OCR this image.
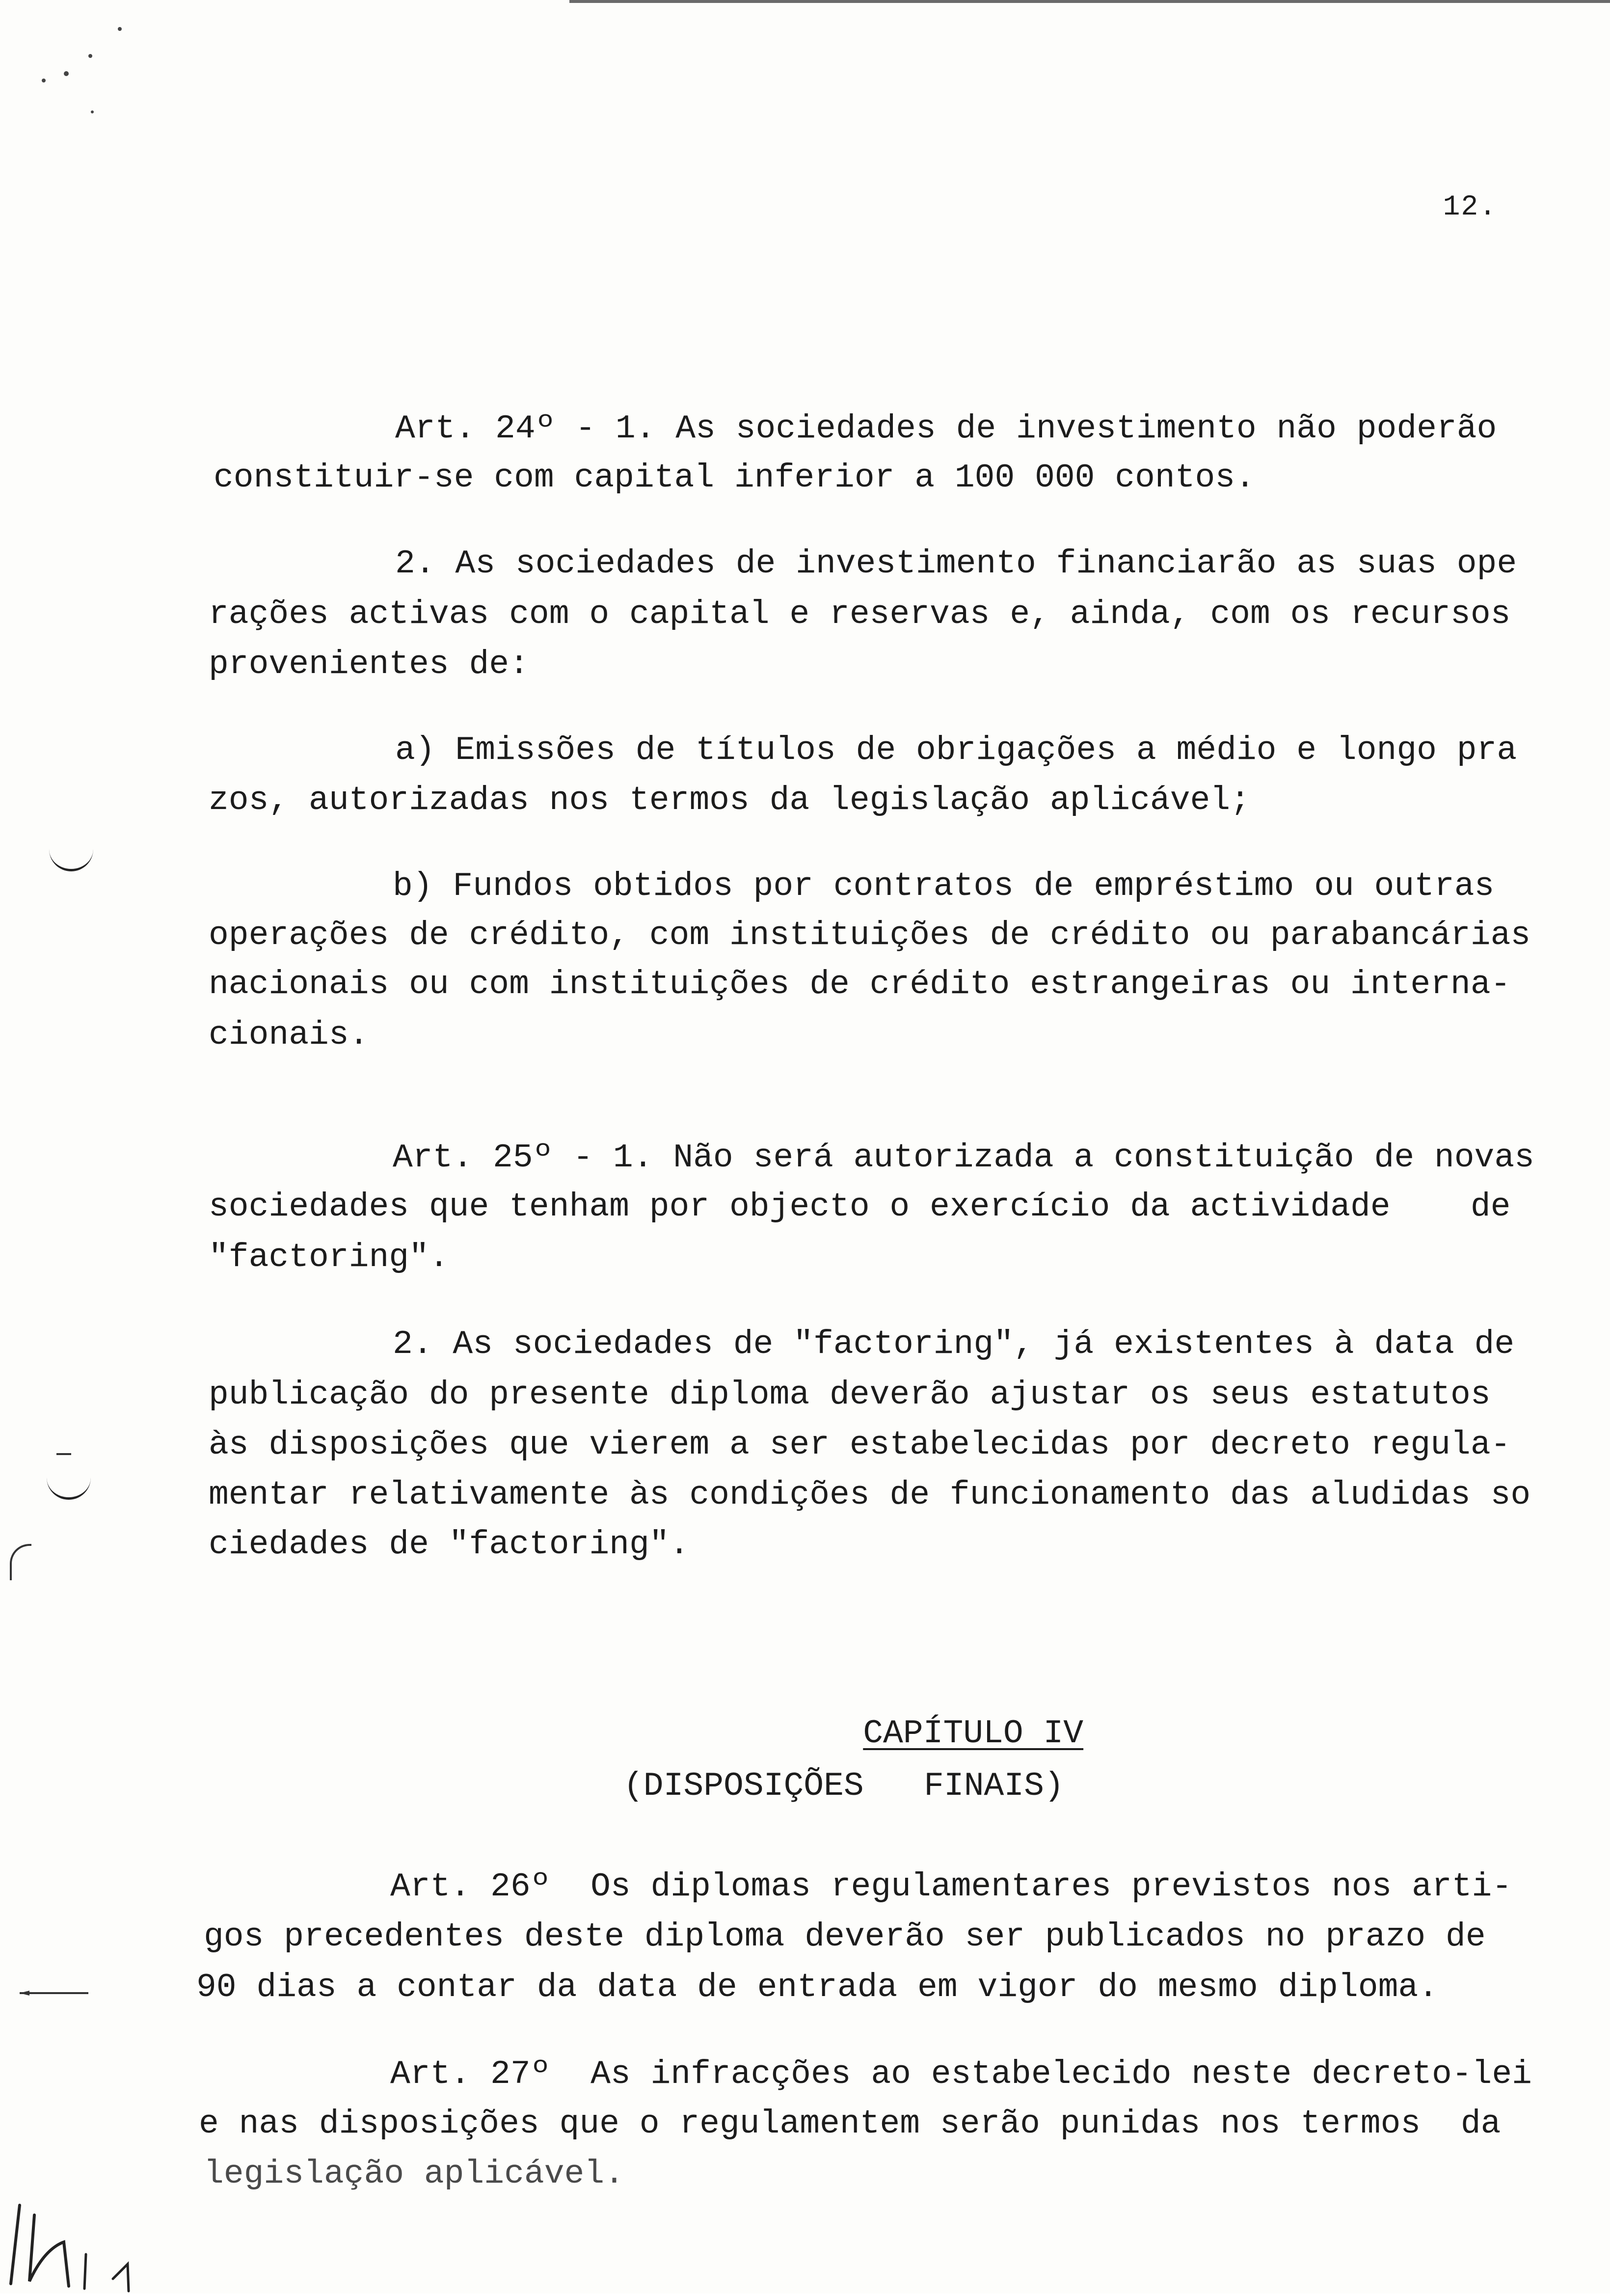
12.
Art. 24º - 1. As sociedades de investimento não poderão
constituir-se com capital inferior a 100 000 contos.
2. As sociedades de investimento financiarão as suas ope
rações activas com o capital e reservas e, ainda, com os recursos
provenientes de:
a) Emissões de títulos de obrigações a médio e longo pra
zos, autorizadas nos termos da legislação aplicável;
b) Fundos obtidos por contratos de empréstimo ou outras
operações de crédito, com instituições de crédito ou parabancárias
nacionais ou com instituições de crédito estrangeiras ou interna-
cionais.
Art. 25º - 1. Não será autorizada a constituição de novas
sociedades que tenham por objecto o exercício da actividade    de
"factoring".
2. As sociedades de "factoring", já existentes à data de
publicação do presente diploma deverão ajustar os seus estatutos
às disposições que vierem a ser estabelecidas por decreto regula-
mentar relativamente às condições de funcionamento das aludidas so
ciedades de "factoring".

CAPÍTULO IV

(DISPOSIÇÕES   FINAIS)
Art. 26º  Os diplomas regulamentares previstos nos arti-
gos precedentes deste diploma deverão ser publicados no prazo de
90 dias a contar da data de entrada em vigor do mesmo diploma.
Art. 27º  As infracções ao estabelecido neste decreto-lei
e nas disposições que o regulamentem serão punidas nos termos  da
legislação aplicável.
